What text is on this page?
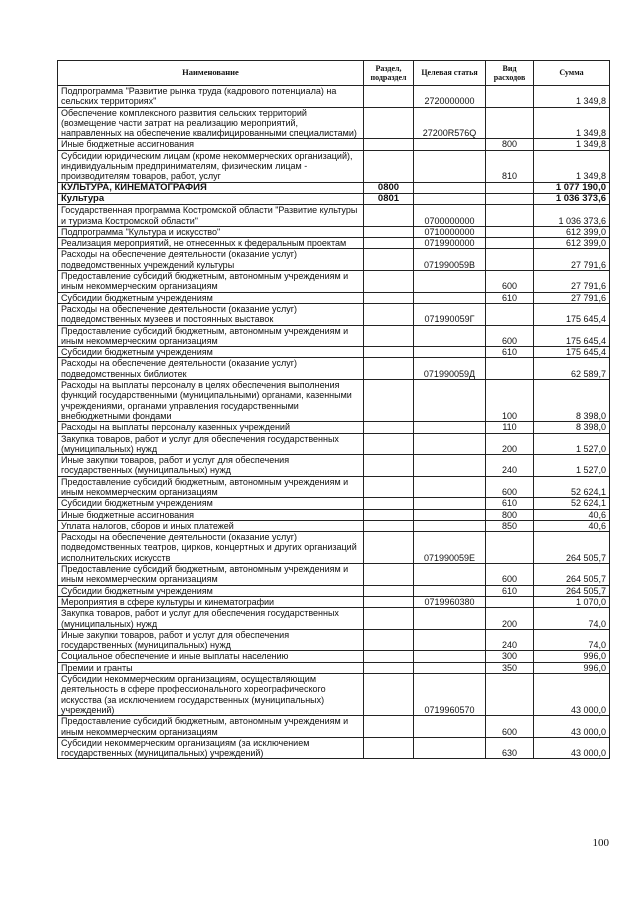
Наименование	Раздел, подраздел	Целевая статья	Вид расходов	Сумма
Подпрограмма "Развитие рынка труда (кадрового потенциала) на сельских территориях"		2720000000		1 349,8
Обеспечение комплексного развития сельских территорий (возмещение части затрат на реализацию мероприятий, направленных на обеспечение квалифицированными специалистами)		27200R576Q		1 349,8
Иные бюджетные ассигнования			800	1 349,8
Субсидии юридическим лицам (кроме некоммерческих организаций), индивидуальным предпринимателям, физическим лицам - производителям товаров, работ, услуг			810	1 349,8
КУЛЬТУРА, КИНЕМАТОГРАФИЯ	0800			1 077 190,0
Культура	0801			1 036 373,6
Государственная программа Костромской области "Развитие культуры и туризма Костромской области"		0700000000		1 036 373,6
Подпрограмма "Культура и искусство"		0710000000		612 399,0
Реализация мероприятий, не отнесенных к федеральным проектам		0719900000		612 399,0
Расходы на обеспечение деятельности (оказание услуг) подведомственных учреждений культуры		071990059В		27 791,6
Предоставление субсидий бюджетным, автономным учреждениям и иным некоммерческим организациям			600	27 791,6
Субсидии бюджетным учреждениям			610	27 791,6
Расходы на обеспечение деятельности (оказание услуг) подведомственных музеев и постоянных выставок		071990059Г		175 645,4
Предоставление субсидий бюджетным, автономным учреждениям и иным некоммерческим организациям			600	175 645,4
Субсидии бюджетным учреждениям			610	175 645,4
Расходы на обеспечение деятельности (оказание услуг) подведомственных библиотек		071990059Д		62 589,7
Расходы на выплаты персоналу в целях обеспечения выполнения функций государственными (муниципальными) органами, казенными учреждениями, органами управления государственными внебюджетными фондами			100	8 398,0
Расходы на выплаты персоналу казенных учреждений			110	8 398,0
Закупка товаров, работ и услуг для обеспечения государственных (муниципальных) нужд			200	1 527,0
Иные закупки товаров, работ и услуг для обеспечения государственных (муниципальных) нужд			240	1 527,0
Предоставление субсидий бюджетным, автономным учреждениям и иным некоммерческим организациям			600	52 624,1
Субсидии бюджетным учреждениям			610	52 624,1
Иные бюджетные ассигнования			800	40,6
Уплата налогов, сборов и иных платежей			850	40,6
Расходы на обеспечение деятельности (оказание услуг) подведомственных театров, цирков, концертных и других организаций исполнительских искусств		071990059Е		264 505,7
Предоставление субсидий бюджетным, автономным учреждениям и иным некоммерческим организациям			600	264 505,7
Субсидии бюджетным учреждениям			610	264 505,7
Мероприятия в сфере культуры и кинематографии		0719960380		1 070,0
Закупка товаров, работ и услуг для обеспечения государственных (муниципальных) нужд			200	74,0
Иные закупки товаров, работ и услуг для обеспечения государственных (муниципальных) нужд			240	74,0
Социальное обеспечение и иные выплаты населению			300	996,0
Премии и гранты			350	996,0
Субсидии некоммерческим организациям, осуществляющим деятельность в сфере профессионального хореографического искусства (за исключением государственных (муниципальных) учреждений)		0719960570		43 000,0
Предоставление субсидий бюджетным, автономным учреждениям и иным некоммерческим организациям			600	43 000,0
Субсидии некоммерческим организациям (за исключением государственных (муниципальных) учреждений)			630	43 000,0
100
